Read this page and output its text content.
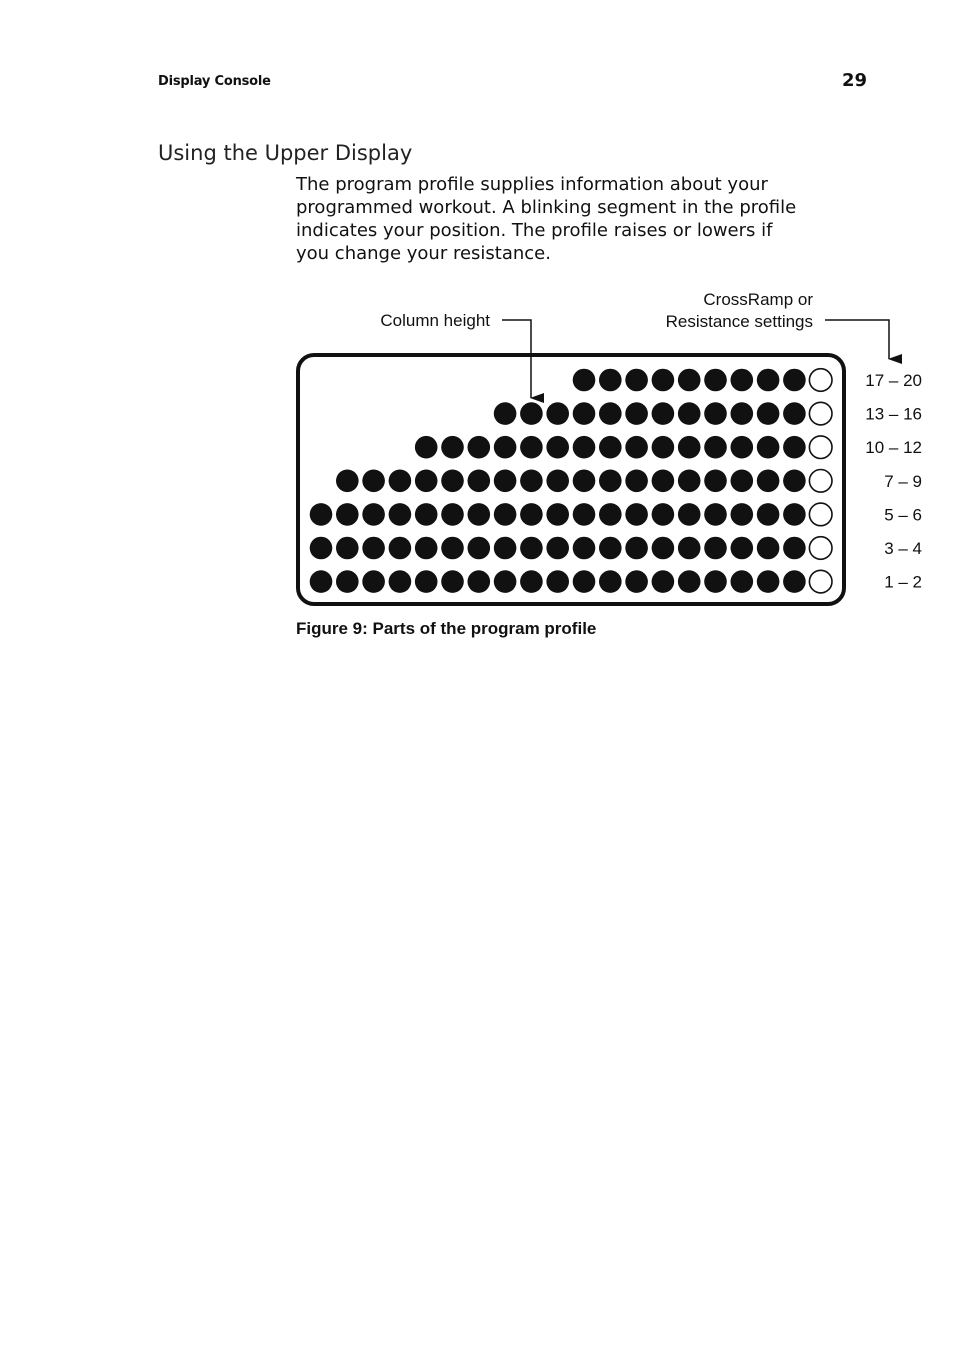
Display Console	29
Using the Upper Display
The program profile supplies information about your programmed workout. A blinking segment in the profile indicates your position. The profile raises or lowers if you change your resistance.
Column height
CrossRamp or
Resistance settings
17 – 20
13 – 16
10 – 12
7 – 9
5 – 6
3 – 4
1 – 2
Figure 9: Parts of the program profile
